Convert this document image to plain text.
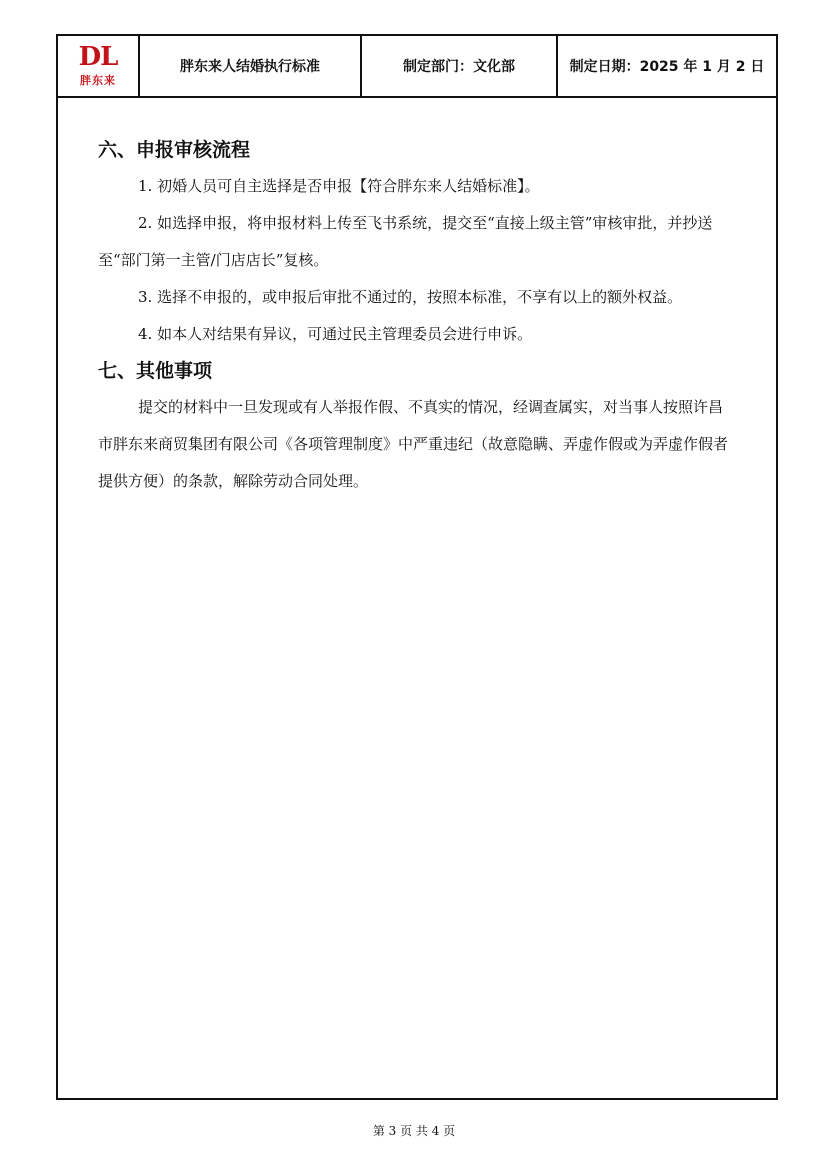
DL
胖东来
胖东来人结婚执行标准	制定部门：文化部	制定日期：2025 年 1 月 2 日
六、申报审核流程

1. 初婚人员可自主选择是否申报【符合胖东来人结婚标准】。

2. 如选择申报，将申报材料上传至飞书系统，提交至“直接上级主管”审核审批，并抄送至“部门第一主管/门店店长”复核。

3. 选择不申报的，或申报后审批不通过的，按照本标准，不享有以上的额外权益。

4. 如本人对结果有异议，可通过民主管理委员会进行申诉。

七、其他事项

提交的材料中一旦发现或有人举报作假、不真实的情况，经调查属实，对当事人按照许昌市胖东来商贸集团有限公司《各项管理制度》中严重违纪（故意隐瞒、弄虚作假或为弄虚作假者提供方便）的条款，解除劳动合同处理。

第 3 页 共 4 页
